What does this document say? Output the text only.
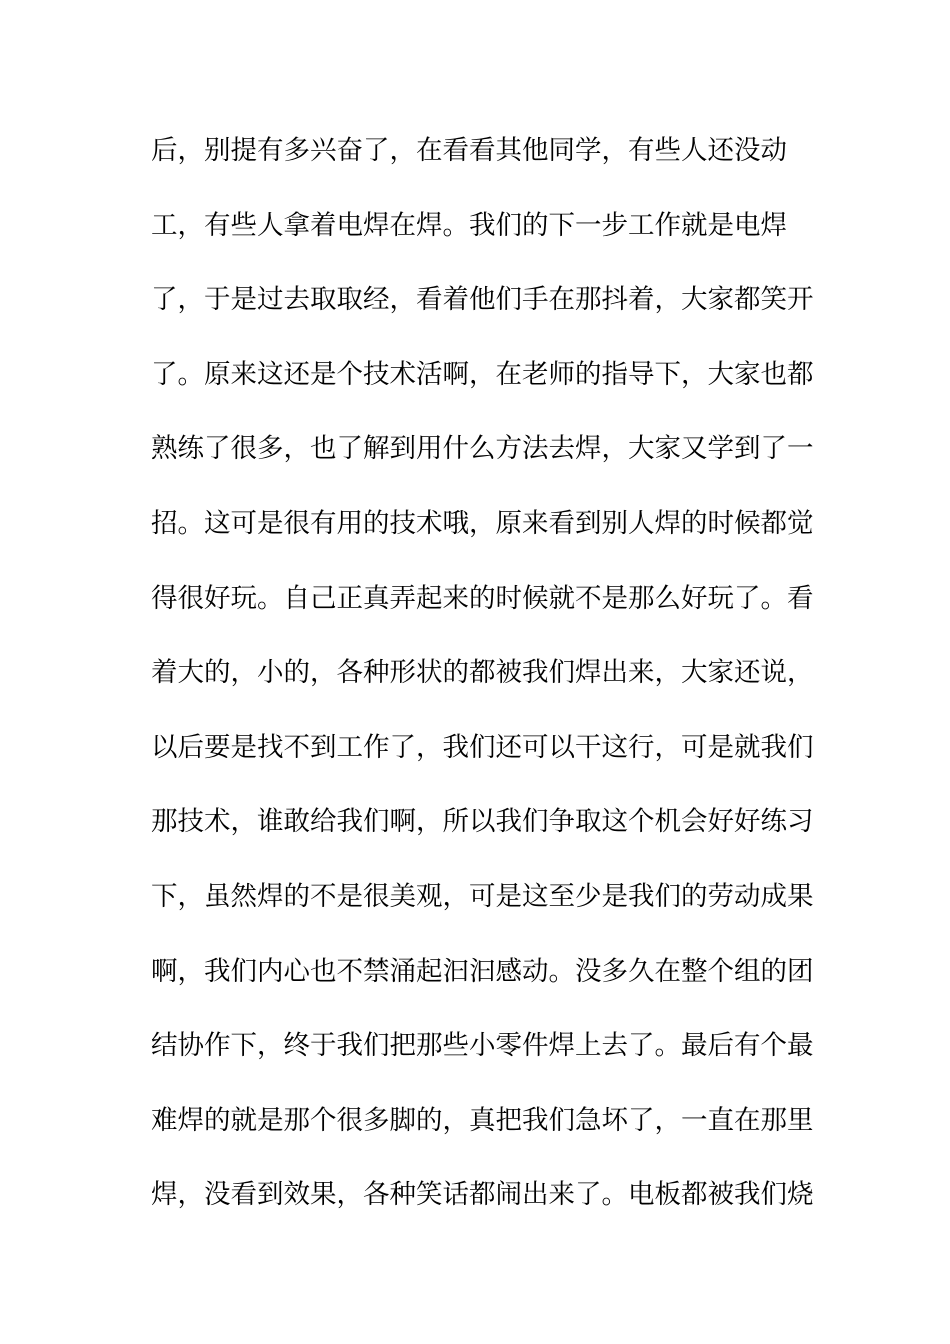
后，别提有多兴奋了，在看看其他同学，有些人还没动
工，有些人拿着电焊在焊。我们的下一步工作就是电焊
了，于是过去取取经，看着他们手在那抖着，大家都笑开
了。原来这还是个技术活啊，在老师的指导下，大家也都
熟练了很多，也了解到用什么方法去焊，大家又学到了一
招。这可是很有用的技术哦，原来看到别人焊的时候都觉
得很好玩。自己正真弄起来的时候就不是那么好玩了。看
着大的，小的，各种形状的都被我们焊出来，大家还说，
以后要是找不到工作了，我们还可以干这行，可是就我们
那技术，谁敢给我们啊，所以我们争取这个机会好好练习
下，虽然焊的不是很美观，可是这至少是我们的劳动成果
啊，我们内心也不禁涌起汩汩感动。没多久在整个组的团
结协作下，终于我们把那些小零件焊上去了。最后有个最
难焊的就是那个很多脚的，真把我们急坏了，一直在那里
焊，没看到效果，各种笑话都闹出来了。电板都被我们烧
